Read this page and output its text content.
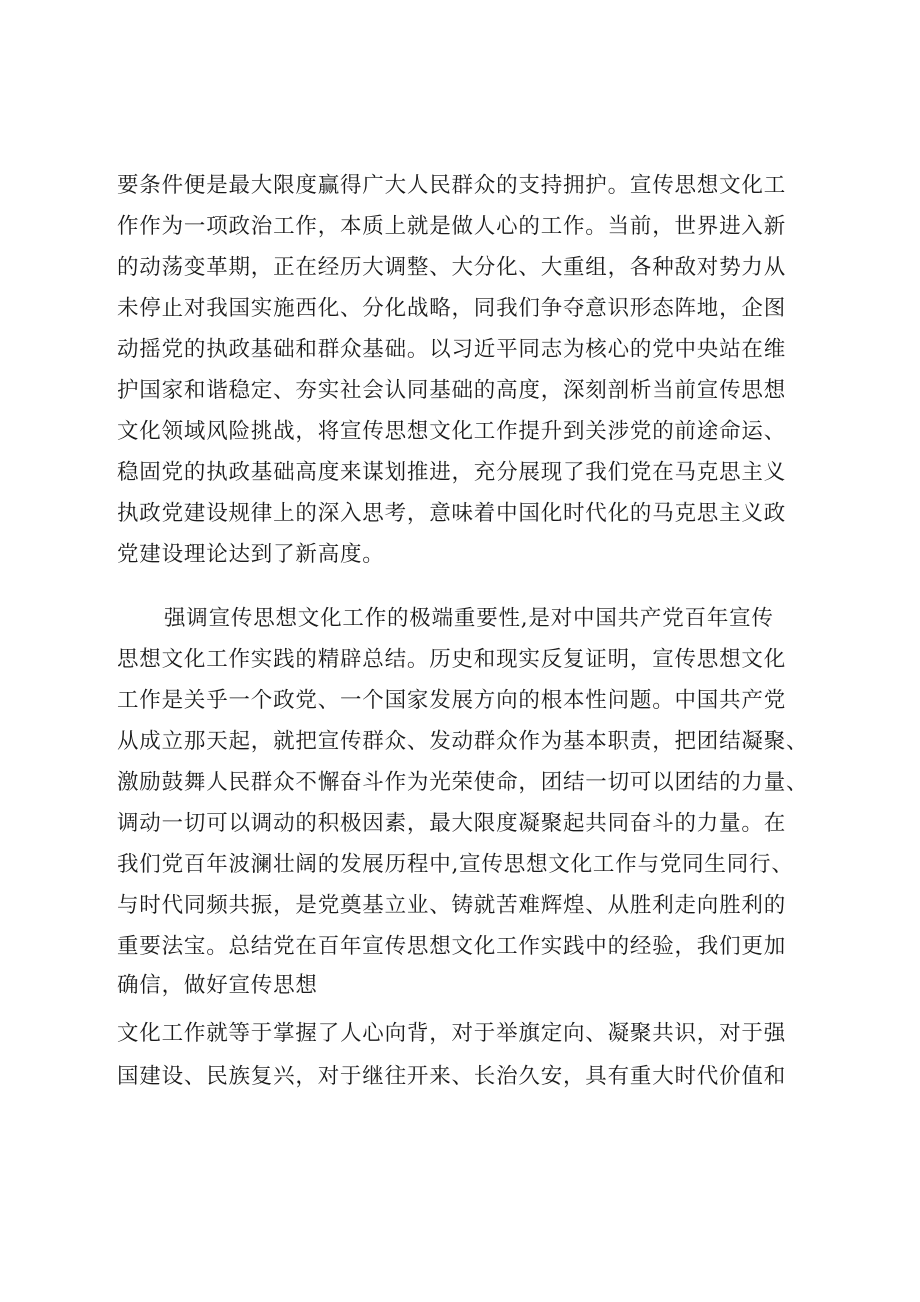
要条件便是最大限度赢得广大人民群众的支持拥护。宣传思想文化工

作作为一项政治工作，本质上就是做人心的工作。当前，世界进入新

的动荡变革期，正在经历大调整、大分化、大重组，各种敌对势力从

未停止对我国实施西化、分化战略，同我们争夺意识形态阵地，企图

动摇党的执政基础和群众基础。以习近平同志为核心的党中央站在维

护国家和谐稳定、夯实社会认同基础的高度，深刻剖析当前宣传思想

文化领域风险挑战，将宣传思想文化工作提升到关涉党的前途命运、

稳固党的执政基础高度来谋划推进，充分展现了我们党在马克思主义

执政党建设规律上的深入思考，意味着中国化时代化的马克思主义政

党建设理论达到了新高度。

强调宣传思想文化工作的极端重要性,是对中国共产党百年宣传

思想文化工作实践的精辟总结。历史和现实反复证明，宣传思想文化

工作是关乎一个政党、一个国家发展方向的根本性问题。中国共产党

从成立那天起，就把宣传群众、发动群众作为基本职责，把团结凝聚、

激励鼓舞人民群众不懈奋斗作为光荣使命，团结一切可以团结的力量、

调动一切可以调动的积极因素，最大限度凝聚起共同奋斗的力量。在

我们党百年波澜壮阔的发展历程中,宣传思想文化工作与党同生同行、

与时代同频共振，是党奠基立业、铸就苦难辉煌、从胜利走向胜利的

重要法宝。总结党在百年宣传思想文化工作实践中的经验，我们更加

确信，做好宣传思想

文化工作就等于掌握了人心向背，对于举旗定向、凝聚共识，对于强

国建设、民族复兴，对于继往开来、长治久安，具有重大时代价值和
